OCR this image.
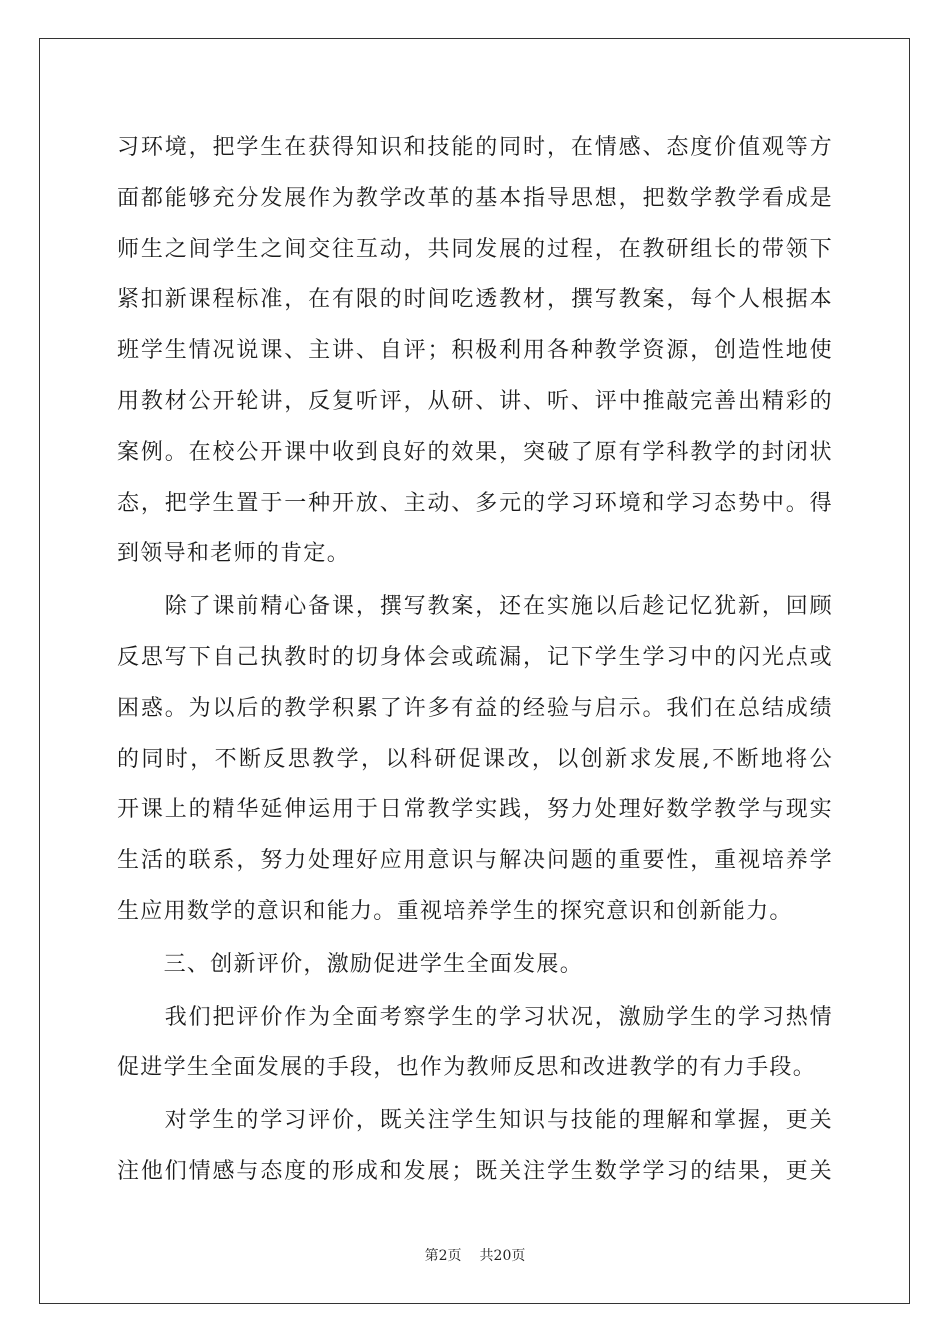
习环境，把学生在获得知识和技能的同时，在情感、态度价值观等方
面都能够充分发展作为教学改革的基本指导思想，把数学教学看成是
师生之间学生之间交往互动，共同发展的过程，在教研组长的带领下
紧扣新课程标准，在有限的时间吃透教材，撰写教案，每个人根据本
班学生情况说课、主讲、自评；积极利用各种教学资源，创造性地使
用教材公开轮讲，反复听评，从研、讲、听、评中推敲完善出精彩的
案例。在校公开课中收到良好的效果，突破了原有学科教学的封闭状
态，把学生置于一种开放、主动、多元的学习环境和学习态势中。得
到领导和老师的肯定。
　　除了课前精心备课，撰写教案，还在实施以后趁记忆犹新，回顾
反思写下自己执教时的切身体会或疏漏，记下学生学习中的闪光点或
困惑。为以后的教学积累了许多有益的经验与启示。我们在总结成绩
的同时，不断反思教学，以科研促课改，以创新求发展,不断地将公
开课上的精华延伸运用于日常教学实践，努力处理好数学教学与现实
生活的联系，努力处理好应用意识与解决问题的重要性，重视培养学
生应用数学的意识和能力。重视培养学生的探究意识和创新能力。
　　三、创新评价，激励促进学生全面发展。
　　我们把评价作为全面考察学生的学习状况，激励学生的学习热情
促进学生全面发展的手段，也作为教师反思和改进教学的有力手段。
　　对学生的学习评价，既关注学生知识与技能的理解和掌握，更关
注他们情感与态度的形成和发展；既关注学生数学学习的结果，更关
第2页 共20页
